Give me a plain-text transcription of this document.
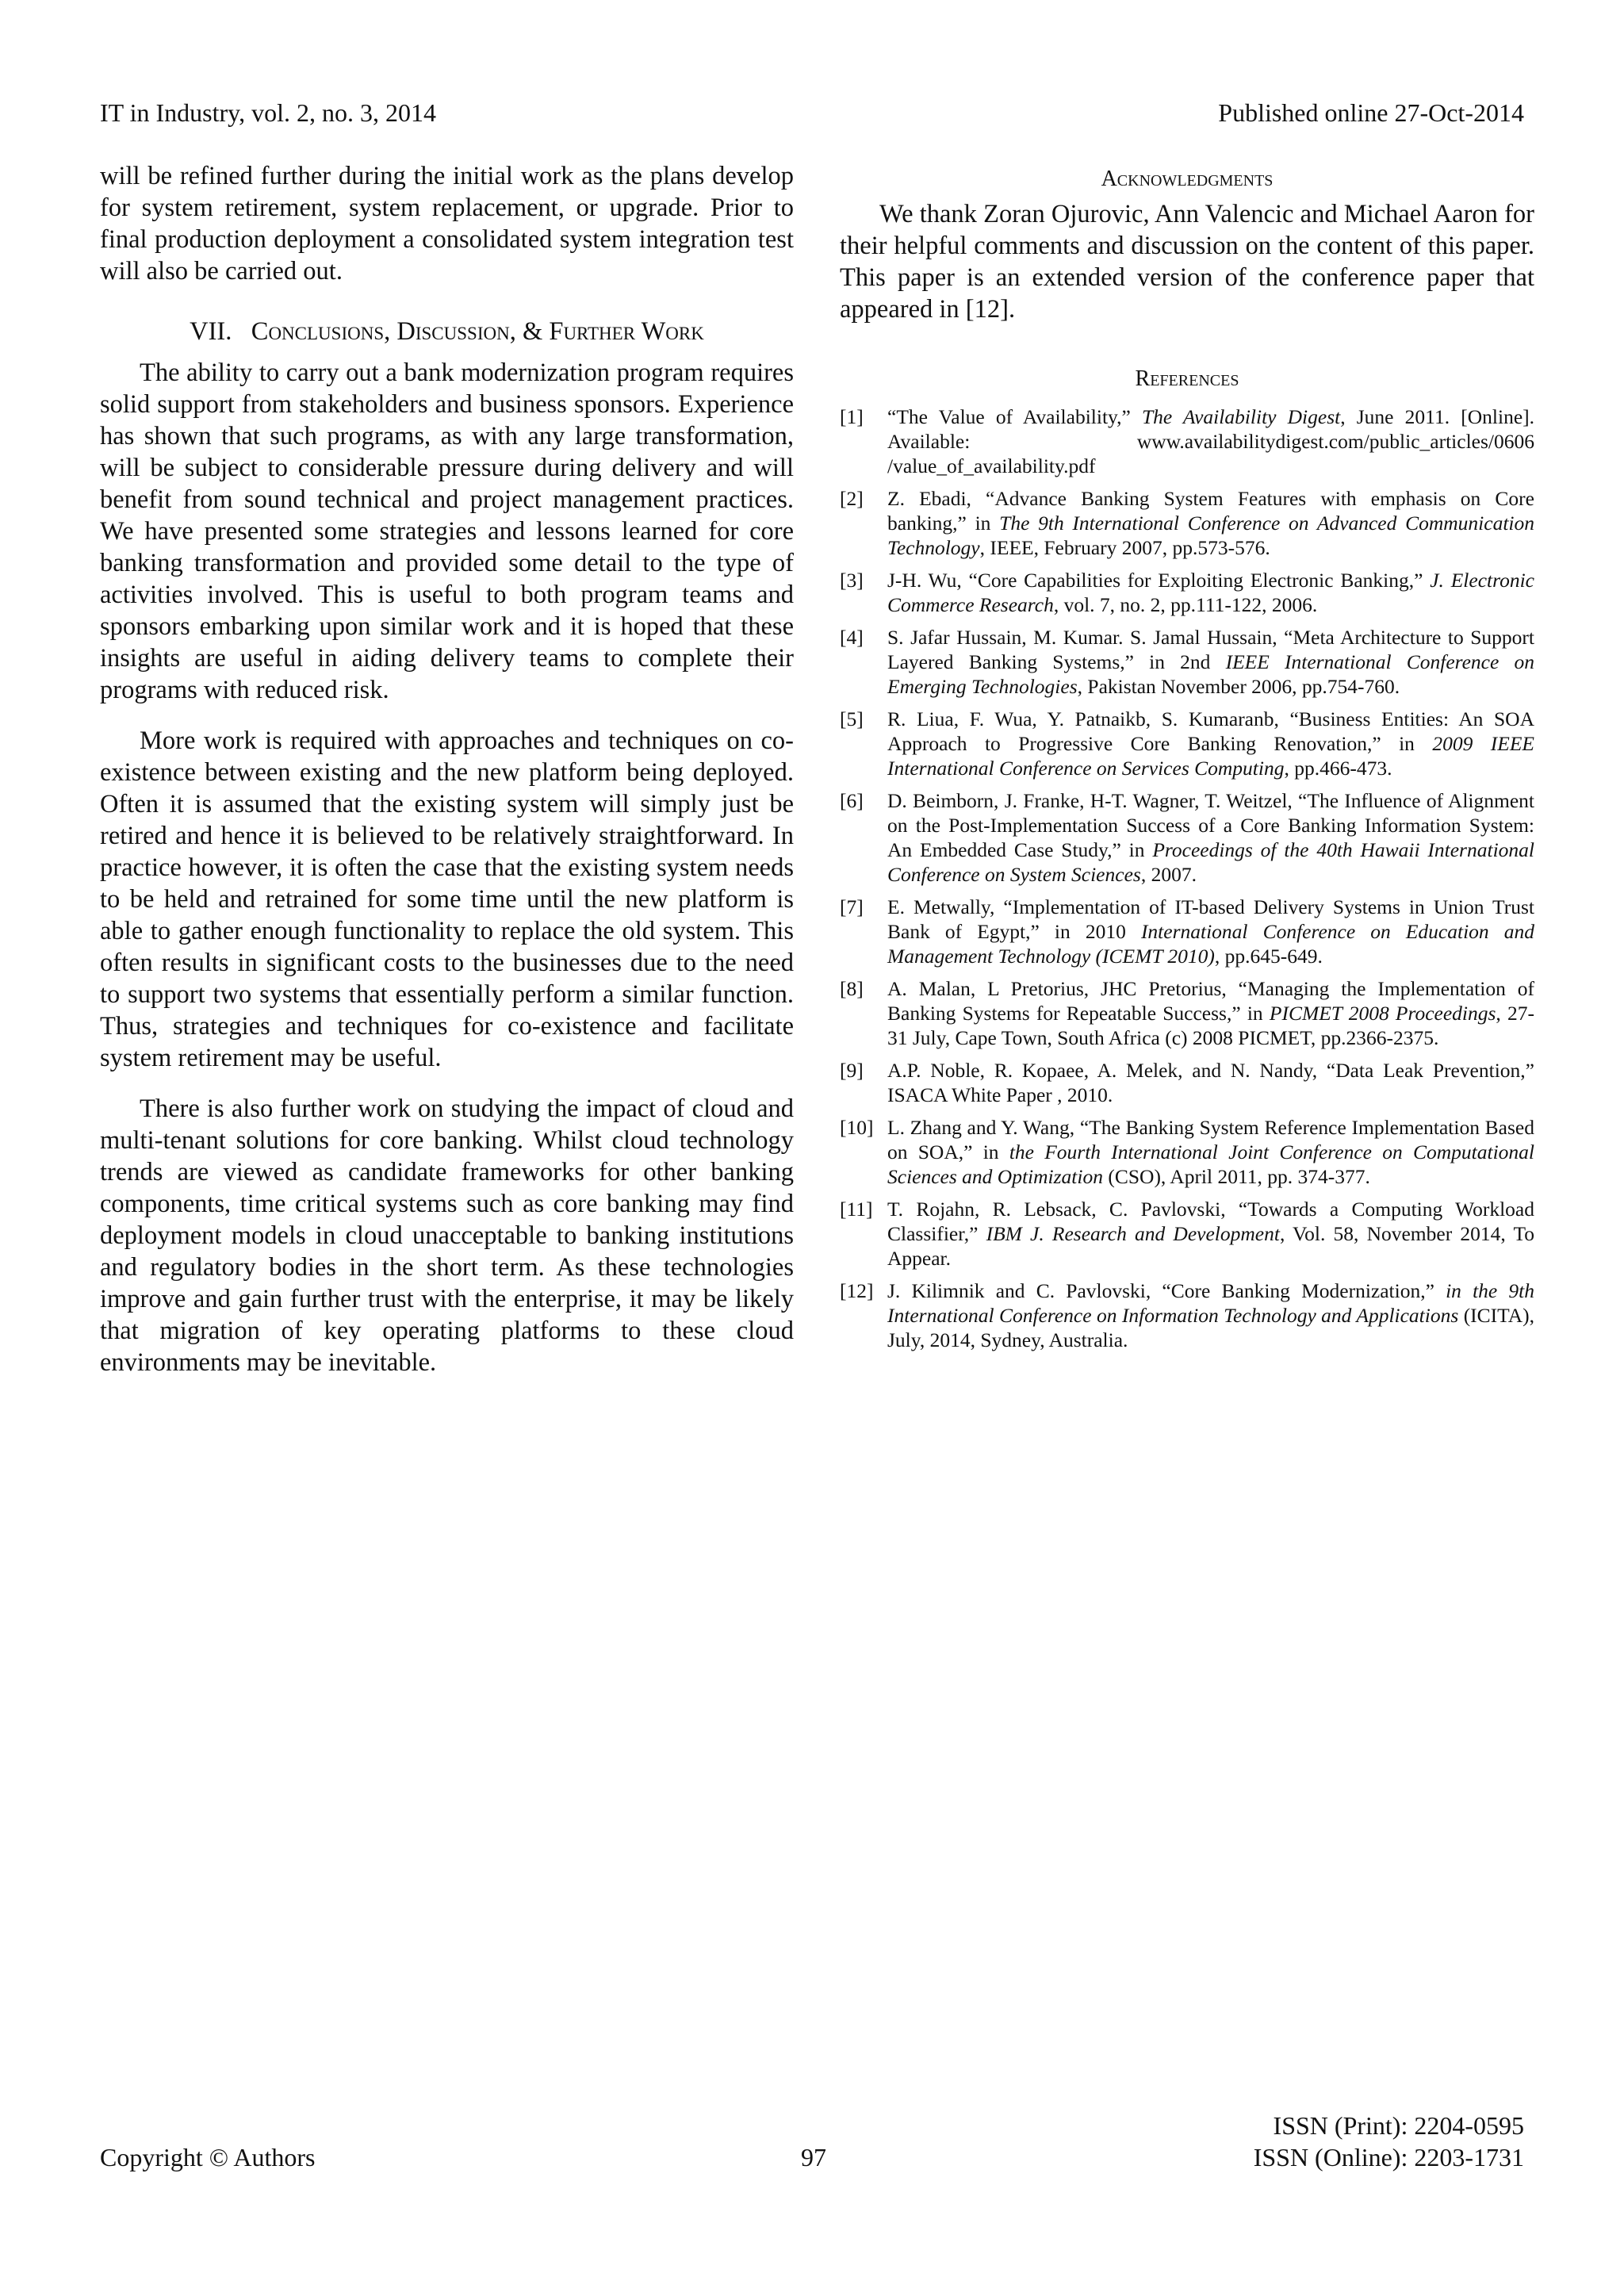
IT in Industry, vol. 2, no. 3, 2014	Published online 27-Oct-2014

will be refined further during the initial work as the plans develop for system retirement, system replacement, or upgrade. Prior to final production deployment a consolidated system integration test will also be carried out.

VII. Conclusions, Discussion, & Further Work

The ability to carry out a bank modernization program requires solid support from stakeholders and business sponsors. Experience has shown that such programs, as with any large transformation, will be subject to considerable pressure during delivery and will benefit from sound technical and project management practices. We have presented some strategies and lessons learned for core banking transformation and provided some detail to the type of activities involved. This is useful to both program teams and sponsors embarking upon similar work and it is hoped that these insights are useful in aiding delivery teams to complete their programs with reduced risk.

More work is required with approaches and techniques on co-existence between existing and the new platform being deployed. Often it is assumed that the existing system will simply just be retired and hence it is believed to be relatively straightforward. In practice however, it is often the case that the existing system needs to be held and retrained for some time until the new platform is able to gather enough functionality to replace the old system. This often results in significant costs to the businesses due to the need to support two systems that essentially perform a similar function. Thus, strategies and techniques for co-existence and facilitate system retirement may be useful.

There is also further work on studying the impact of cloud and multi-tenant solutions for core banking. Whilst cloud technology trends are viewed as candidate frameworks for other banking components, time critical systems such as core banking may find deployment models in cloud unacceptable to banking institutions and regulatory bodies in the short term. As these technologies improve and gain further trust with the enterprise, it may be likely that migration of key operating platforms to these cloud environments may be inevitable.

Acknowledgments

We thank Zoran Ojurovic, Ann Valencic and Michael Aaron for their helpful comments and discussion on the content of this paper. This paper is an extended version of the conference paper that appeared in [12].

References
[1]	“The Value of Availability,” The Availability Digest, June 2011. [Online]. Available: www.availabilitydigest.com/public_articles/0606 /value_of_availability.pdf
[2]	Z. Ebadi, “Advance Banking System Features with emphasis on Core banking,” in The 9th International Conference on Advanced Communication Technology, IEEE, February 2007, pp.573-576.
[3]	J-H. Wu, “Core Capabilities for Exploiting Electronic Banking,” J. Electronic Commerce Research, vol. 7, no. 2, pp.111-122, 2006.
[4]	S. Jafar Hussain, M. Kumar. S. Jamal Hussain, “Meta Architecture to Support Layered Banking Systems,” in 2nd IEEE International Conference on Emerging Technologies, Pakistan November 2006, pp.754-760.
[5]	R. Liua, F. Wua, Y. Patnaikb, S. Kumaranb, “Business Entities: An SOA Approach to Progressive Core Banking Renovation,” in 2009 IEEE International Conference on Services Computing, pp.466-473.
[6]	D. Beimborn, J. Franke, H-T. Wagner, T. Weitzel, “The Influence of Alignment on the Post-Implementation Success of a Core Banking Information System: An Embedded Case Study,” in Proceedings of the 40th Hawaii International Conference on System Sciences, 2007.
[7]	E. Metwally, “Implementation of IT-based Delivery Systems in Union Trust Bank of Egypt,” in 2010 International Conference on Education and Management Technology (ICEMT 2010), pp.645-649.
[8]	A. Malan, L Pretorius, JHC Pretorius, “Managing the Implementation of Banking Systems for Repeatable Success,” in PICMET 2008 Proceedings, 27-31 July, Cape Town, South Africa (c) 2008 PICMET, pp.2366-2375.
[9]	A.P. Noble, R. Kopaee, A. Melek, and N. Nandy, “Data Leak Prevention,” ISACA White Paper , 2010.
[10] L. Zhang and Y. Wang, “The Banking System Reference Implementation Based on SOA,” in the Fourth International Joint Conference on Computational Sciences and Optimization (CSO), April 2011, pp. 374-377.
[11] T. Rojahn, R. Lebsack, C. Pavlovski, “Towards a Computing Workload Classifier,” IBM J. Research and Development, Vol. 58, November 2014, To Appear.
[12] J. Kilimnik and C. Pavlovski, “Core Banking Modernization,” in the 9th International Conference on Information Technology and Applications (ICITA), July, 2014, Sydney, Australia.
Copyright © Authors	97
ISSN (Print): 2204-0595
ISSN (Online): 2203-1731
